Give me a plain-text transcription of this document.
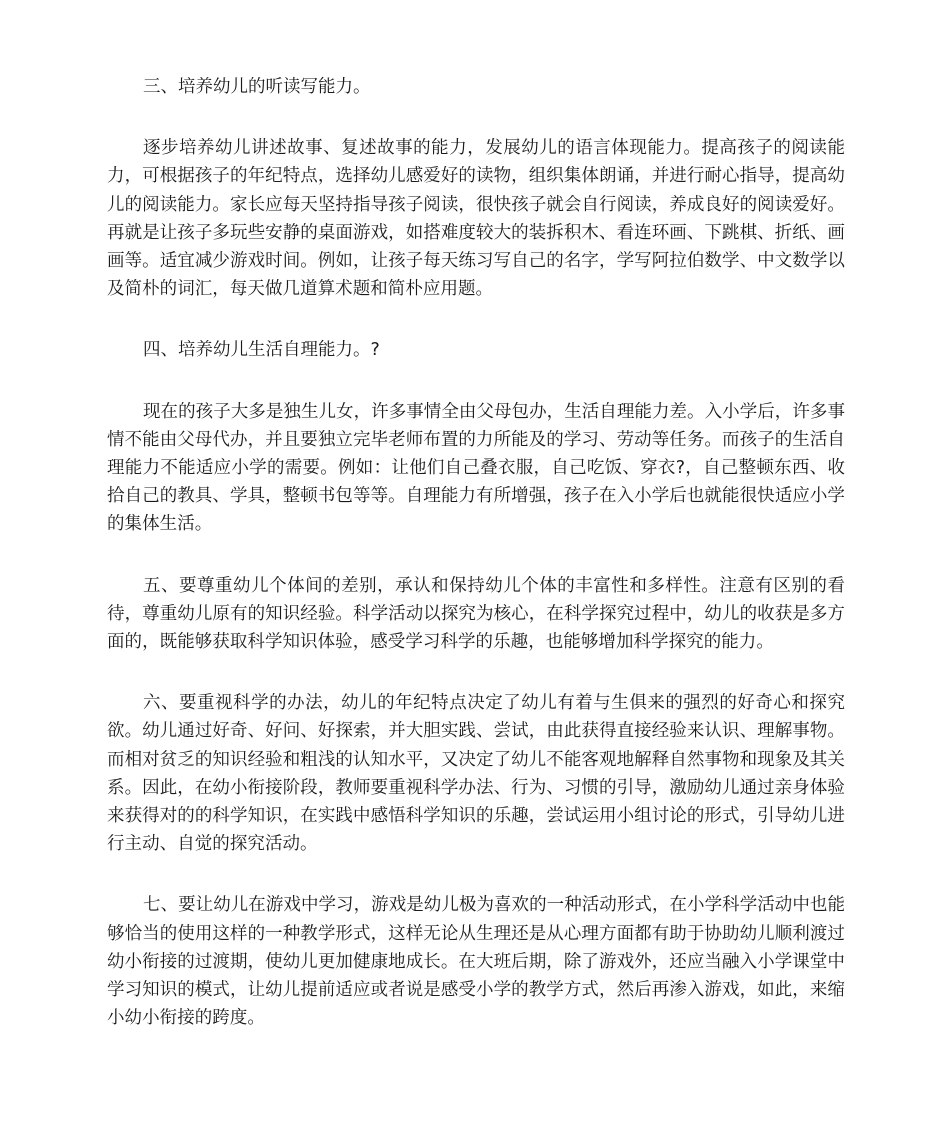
三、培养幼儿的听读写能力。

逐步培养幼儿讲述故事、复述故事的能力，发展幼儿的语言体现能力。提高孩子的阅读能力，可根据孩子的年纪特点，选择幼儿感爱好的读物，组织集体朗诵，并进行耐心指导，提高幼儿的阅读能力。家长应每天坚持指导孩子阅读，很快孩子就会自行阅读，养成良好的阅读爱好。再就是让孩子多玩些安静的桌面游戏，如搭难度较大的装拆积木、看连环画、下跳棋、折纸、画画等。适宜减少游戏时间。例如，让孩子每天练习写自己的名字，学写阿拉伯数学、中文数学以及简朴的词汇，每天做几道算术题和简朴应用题。

四、培养幼儿生活自理能力。?

现在的孩子大多是独生儿女，许多事情全由父母包办，生活自理能力差。入小学后，许多事情不能由父母代办，并且要独立完毕老师布置的力所能及的学习、劳动等任务。而孩子的生活自理能力不能适应小学的需要。例如：让他们自己叠衣服，自己吃饭、穿衣?，自己整顿东西、收拾自己的教具、学具，整顿书包等等。自理能力有所增强，孩子在入小学后也就能很快适应小学的集体生活。

五、要尊重幼儿个体间的差别，承认和保持幼儿个体的丰富性和多样性。注意有区别的看待，尊重幼儿原有的知识经验。科学活动以探究为核心，在科学探究过程中，幼儿的收获是多方面的，既能够获取科学知识体验，感受学习科学的乐趣，也能够增加科学探究的能力。

六、要重视科学的办法，幼儿的年纪特点决定了幼儿有着与生俱来的强烈的好奇心和探究欲。幼儿通过好奇、好问、好探索，并大胆实践、尝试，由此获得直接经验来认识、理解事物。而相对贫乏的知识经验和粗浅的认知水平，又决定了幼儿不能客观地解释自然事物和现象及其关系。因此，在幼小衔接阶段，教师要重视科学办法、行为、习惯的引导，激励幼儿通过亲身体验来获得对的的科学知识，在实践中感悟科学知识的乐趣，尝试运用小组讨论的形式，引导幼儿进行主动、自觉的探究活动。

七、要让幼儿在游戏中学习，游戏是幼儿极为喜欢的一种活动形式，在小学科学活动中也能够恰当的使用这样的一种教学形式，这样无论从生理还是从心理方面都有助于协助幼儿顺利渡过幼小衔接的过渡期，使幼儿更加健康地成长。在大班后期，除了游戏外，还应当融入小学课堂中学习知识的模式，让幼儿提前适应或者说是感受小学的教学方式，然后再渗入游戏，如此，来缩小幼小衔接的跨度。
